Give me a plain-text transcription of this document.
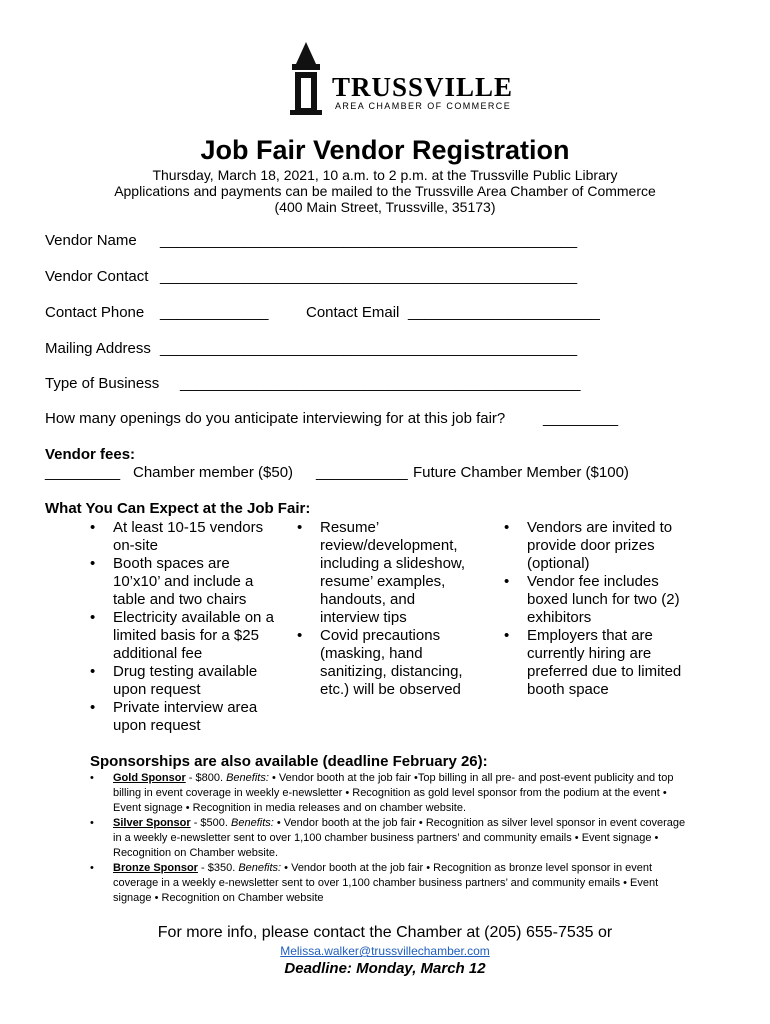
TRUSSVILLE
AREA CHAMBER OF COMMERCE
Job Fair Vendor Registration
Thursday, March 18, 2021, 10 a.m. to 2 p.m. at the Trussville Public Library
Applications and payments can be mailed to the Trussville Area Chamber of Commerce
(400 Main Street, Trussville, 35173)
Vendor Name __________________________________________________
Vendor Contact __________________________________________________
Contact Phone _____________	Contact Email _______________________
Mailing Address __________________________________________________
Type of Business ________________________________________________
How many openings do you anticipate interviewing for at this job fair?	_________
Vendor fees:
_________ Chamber member ($50) ___________ Future Chamber Member ($100)
What You Can Expect at the Job Fair:
• At least 10-15 vendors on-site
• Booth spaces are 10’x10’ and include a table and two chairs
• Electricity available on a limited basis for a $25 additional fee
• Drug testing available upon request
• Private interview area upon request
• Resume’ review/development, including a slideshow, resume’ examples, handouts, and interview tips
• Covid precautions (masking, hand sanitizing, distancing, etc.) will be observed
• Vendors are invited to provide door prizes (optional)
• Vendor fee includes boxed lunch for two (2) exhibitors
• Employers that are currently hiring are preferred due to limited booth space
Sponsorships are also available (deadline February 26):
• Gold Sponsor - $800. Benefits: • Vendor booth at the job fair •Top billing in all pre- and post-event publicity and top billing in event coverage in weekly e-newsletter • Recognition as gold level sponsor from the podium at the event • Event signage • Recognition in media releases and on chamber website.
• Silver Sponsor - $500. Benefits: • Vendor booth at the job fair • Recognition as silver level sponsor in event coverage in a weekly e-newsletter sent to over 1,100 chamber business partners’ and community emails • Event signage • Recognition on Chamber website.
• Bronze Sponsor - $350. Benefits: • Vendor booth at the job fair • Recognition as bronze level sponsor in event coverage in a weekly e-newsletter sent to over 1,100 chamber business partners’ and community emails • Event signage • Recognition on Chamber website
For more info, please contact the Chamber at (205) 655-7535 or
Melissa.walker@trussvillechamber.com
Deadline: Monday, March 12
